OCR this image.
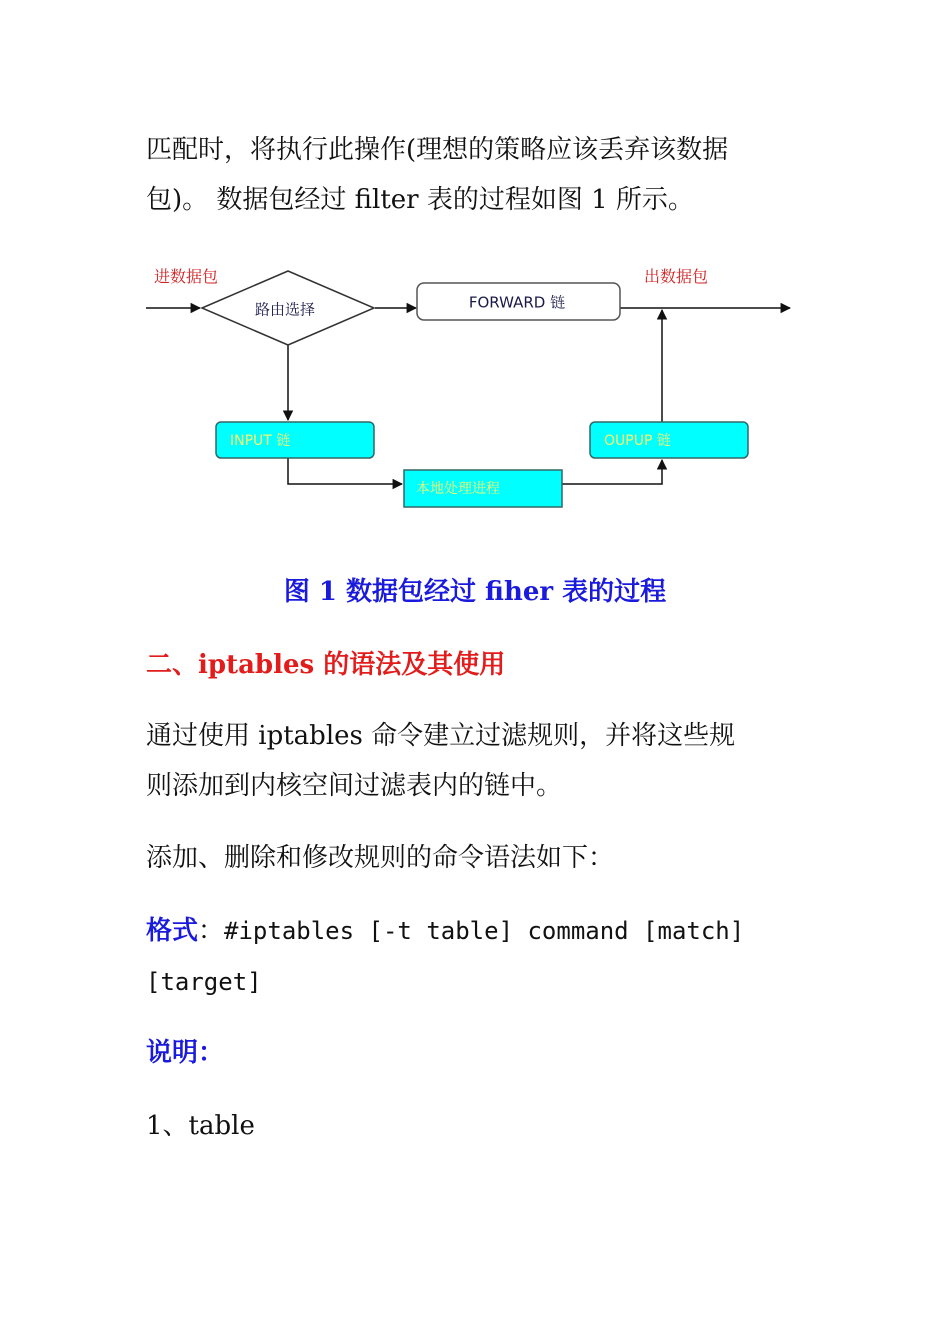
匹配时，将执行此操作(理想的策略应该丢弃该数据
包)。 数据包经过 filter 表的过程如图 1 所示。
进数据包	出数据包
路由选择	FORWARD 链
INPUT 链	OUPUP 链
本地处理进程
图 1 数据包经过 fiher 表的过程
二、iptables 的语法及其使用
通过使用 iptables 命令建立过滤规则，并将这些规
则添加到内核空间过滤表内的链中。
添加、删除和修改规则的命令语法如下：
格式：#iptables [-t table] command [match]
[target]
说明：
1、table
